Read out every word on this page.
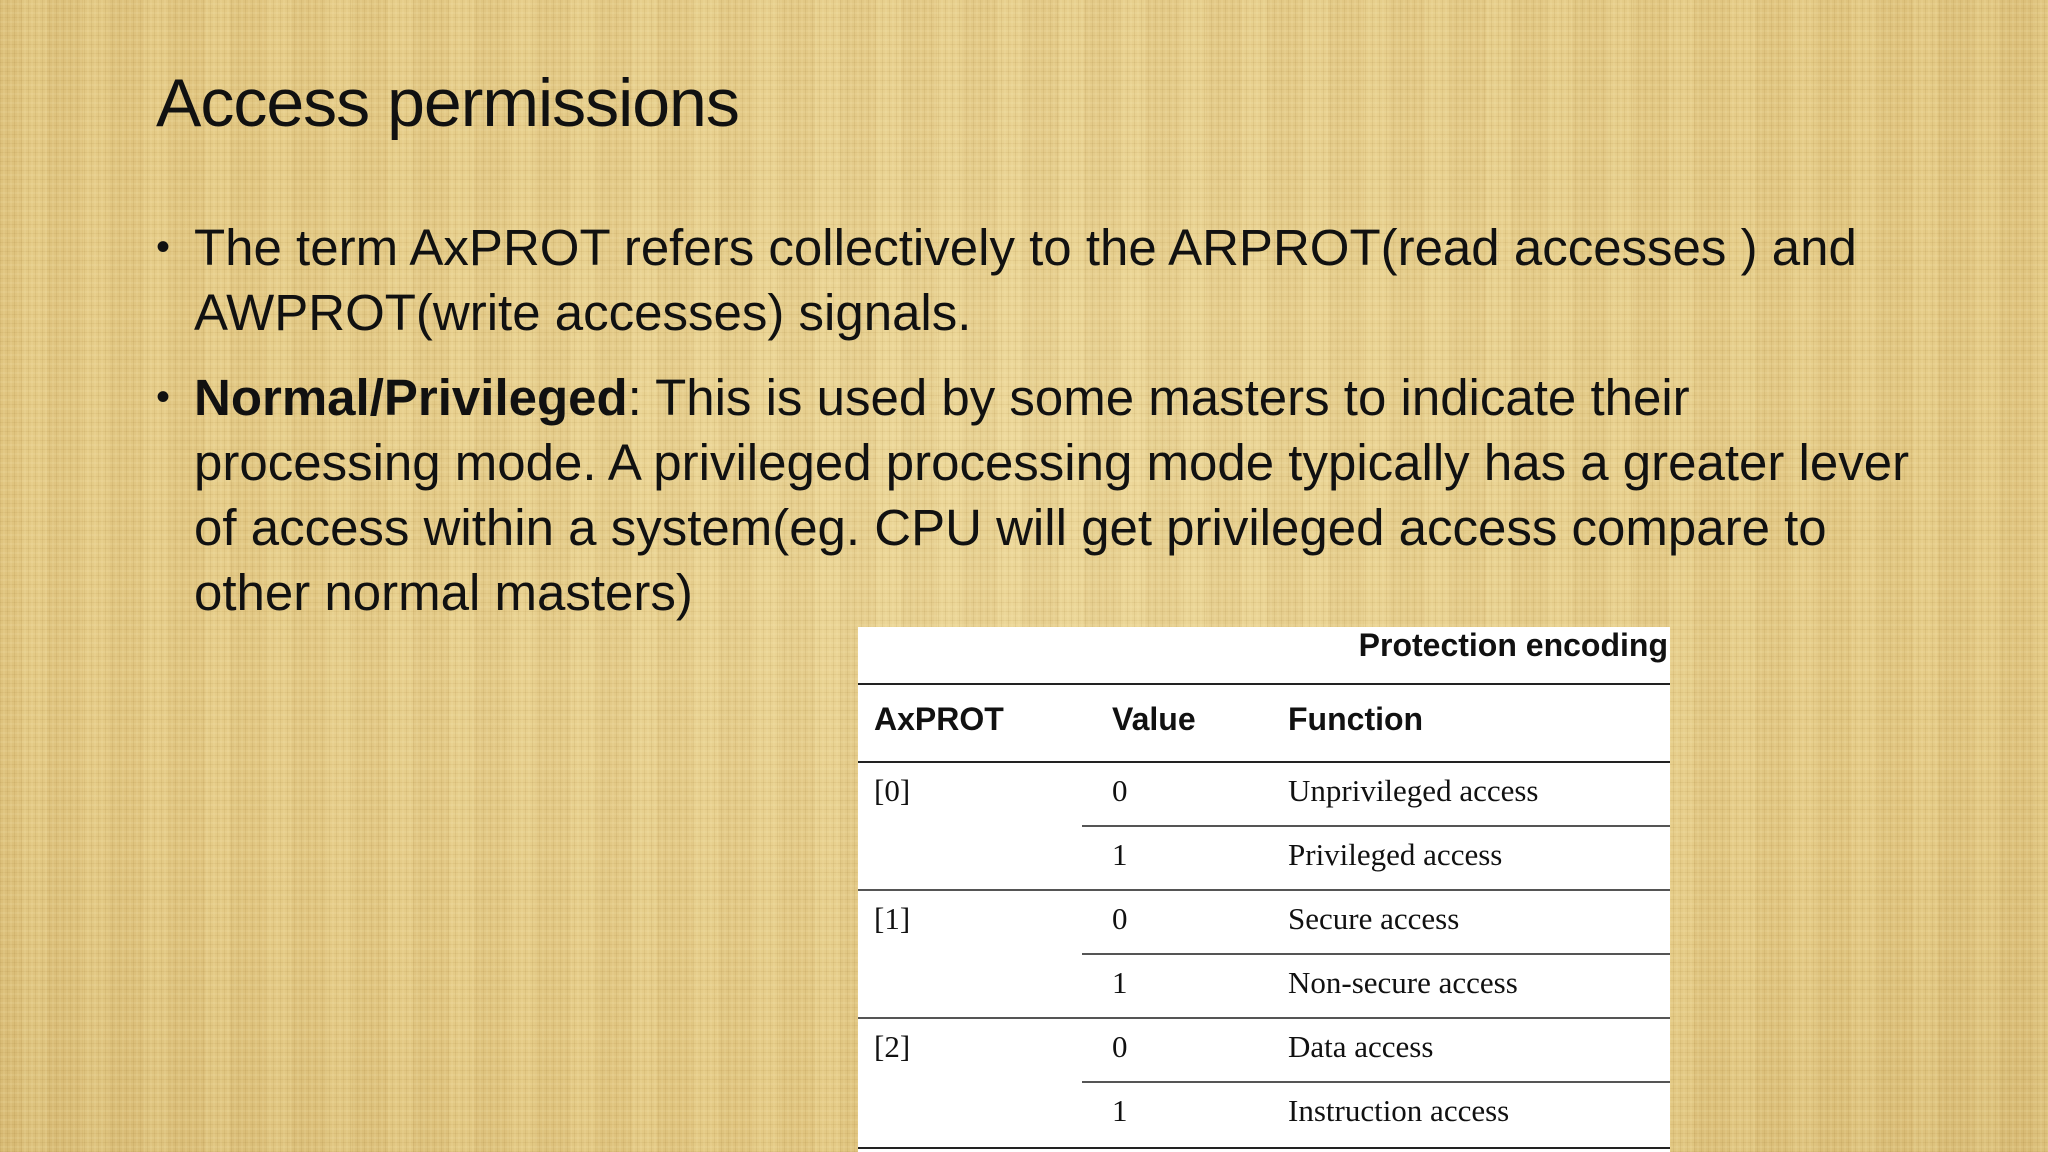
Access permissions
• The term AxPROT refers collectively to the ARPROT(read accesses ) and AWPROT(write accesses) signals.
• Normal/Privileged: This is used by some masters to indicate their processing mode. A privileged processing mode typically has a greater lever of access within a system(eg. CPU will get privileged access compare to other normal masters)
Protection encoding
AxPROT	Value	Function
[0]	0	Unprivileged access
1	Privileged access
[1]	0	Secure access
1	Non-secure access
[2]	0	Data access
1	Instruction access
